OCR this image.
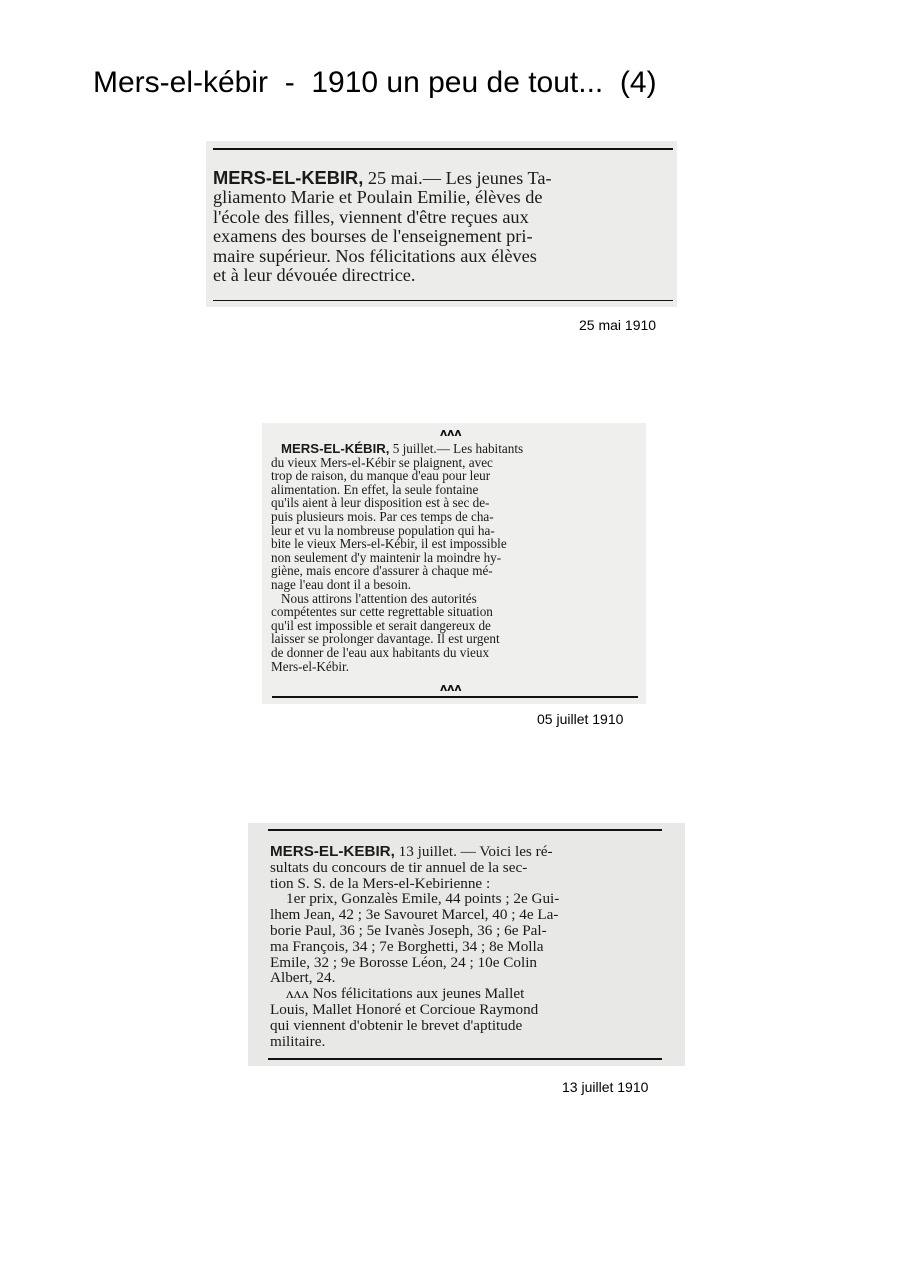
Mers-el-kébir  -  1910 un peu de tout...  (4)

MERS-EL-KEBIR, 25 mai.— Les jeunes Ta-

gliamento Marie et Poulain Emilie, élèves de

l'école des filles, viennent d'être reçues aux

examens des bourses de l'enseignement pri-

maire supérieur. Nos félicitations aux élèves

et à leur dévouée directrice.

25 mai 1910
ᴧᴧᴧ

MERS-EL-KÉBIR, 5 juillet.— Les habitants

du vieux Mers-el-Kébir se plaignent, avec

trop de raison, du manque d'eau pour leur

alimentation. En effet, la seule fontaine

qu'ils aient à leur disposition est à sec de-

puis plusieurs mois. Par ces temps de cha-

leur et vu la nombreuse population qui ha-

bite le vieux Mers-el-Kébir, il est impossible

non seulement d'y maintenir la moindre hy-

giène, mais encore d'assurer à chaque mé-

nage l'eau dont il a besoin.

Nous attirons l'attention des autorités

compétentes sur cette regrettable situation

qu'il est impossible et serait dangereux de

laisser se prolonger davantage. Il est urgent

de donner de l'eau aux habitants du vieux

Mers-el-Kébir.

ᴧᴧᴧ
05 juillet 1910

MERS-EL-KEBIR, 13 juillet. — Voici les ré-

sultats du concours de tir annuel de la sec-

tion S. S. de la Mers-el-Kebirienne :

1er prix, Gonzalès Emile, 44 points ; 2e Gui-

lhem Jean, 42 ; 3e Savouret Marcel, 40 ; 4e La-

borie Paul, 36 ; 5e Ivanès Joseph, 36 ; 6e Pal-

ma François, 34 ; 7e Borghetti, 34 ; 8e Molla

Emile, 32 ; 9e Borosse Léon, 24 ; 10e Colin

Albert, 24.

ᴧᴧᴧ Nos félicitations aux jeunes Mallet

Louis, Mallet Honoré et Corcioue Raymond

qui viennent d'obtenir le brevet d'aptitude

militaire.

13 juillet 1910
